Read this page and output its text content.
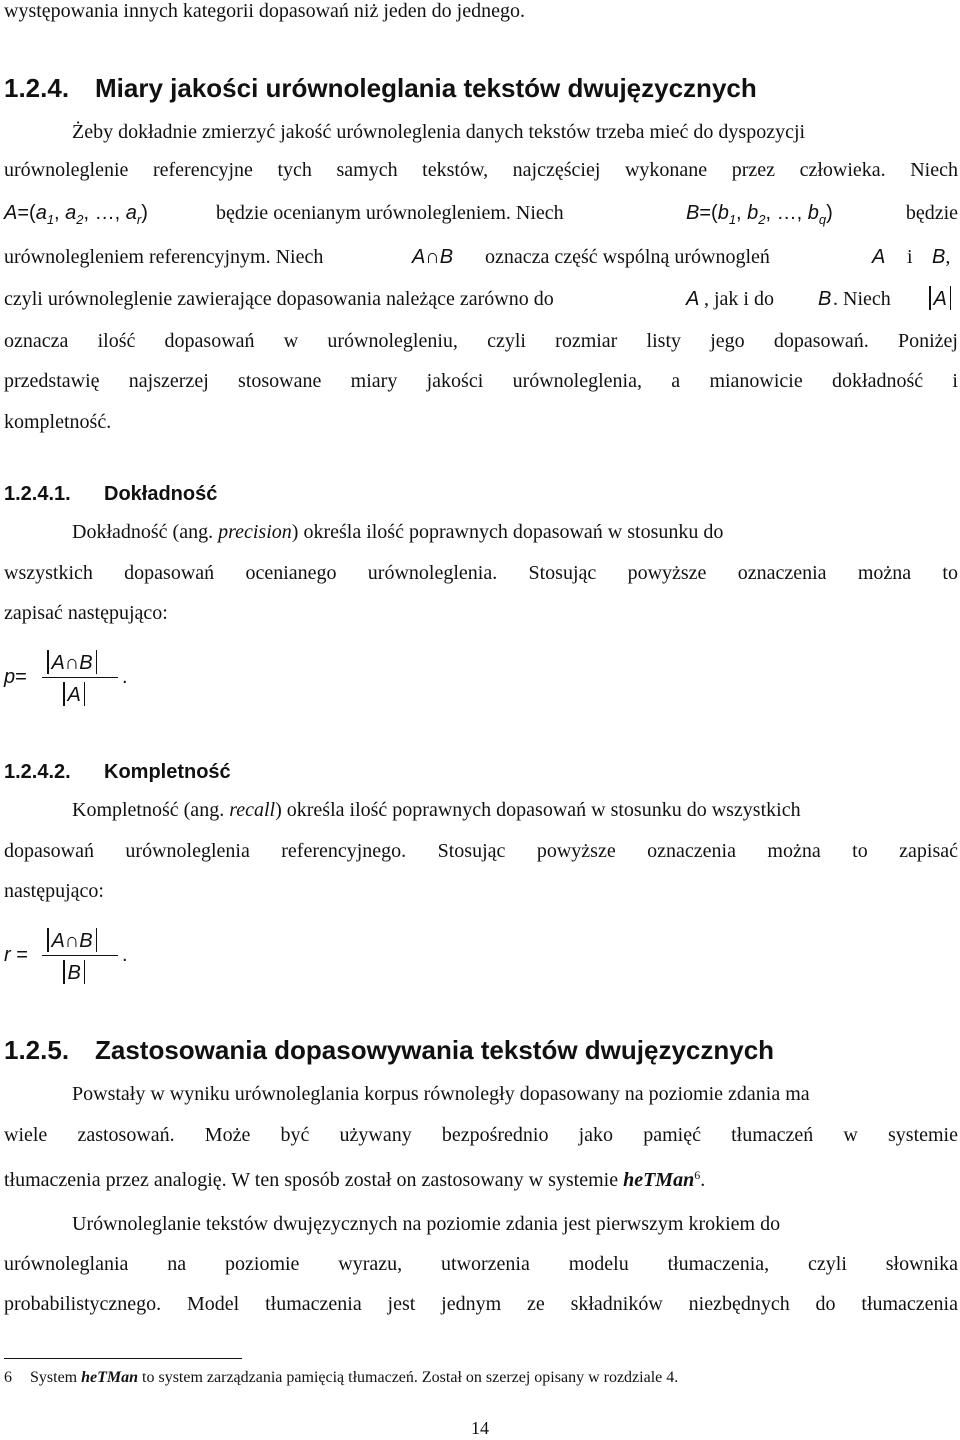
występowania innych kategorii dopasowań niż jeden do jednego.
1.2.4. Miary jakości urównoleglania tekstów dwujęzycznych
Żeby dokładnie zmierzyć jakość urównoleglenia danych tekstów trzeba mieć do dyspozycji
urównoleglenie referencyjne tych samych tekstów, najczęściej wykonane przez człowieka. Niech
$A=(a_1$, $a_2$, …, $a_r$)	będzie ocenianym urównolegleniem. Niech	$B=(b_1$, $b_2$, …, $b_q$)	będzie
urównolegleniem referencyjnym. Niech	A∩B oznacza część wspólną urównogleń	A i B,
czyli urównoleglenie zawierające dopasowania należące zarówno do	A , jak i do B . Niech	A
oznacza ilość dopasowań w urównolegleniu, czyli rozmiar listy jego dopasowań. Poniżej
przedstawię najszerzej stosowane miary jakości urównoleglenia, a mianowicie dokładność i
kompletność.
1.2.4.1. Dokładność
Dokładność (ang. precision) określa ilość poprawnych dopasowań w stosunku do
wszystkich dopasowań ocenianego urównoleglenia. Stosując powyższe oznaczenia można to
zapisać następująco:
p=
A∩B
A
.
1.2.4.2. Kompletność
Kompletność (ang. recall) określa ilość poprawnych dopasowań w stosunku do wszystkich
dopasowań urównoleglenia referencyjnego. Stosując powyższe oznaczenia można to zapisać
następująco:
r =
A∩B
B
.
1.2.5. Zastosowania dopasowywania tekstów dwujęzycznych
Powstały w wyniku urównoleglania korpus równoległy dopasowany na poziomie zdania ma
wiele zastosowań. Może być używany bezpośrednio jako pamięć tłumaczeń w systemie
tłumaczenia przez analogię. W ten sposób został on zastosowany w systemie heTMan$^6$.
Urównoleglanie tekstów dwujęzycznych na poziomie zdania jest pierwszym krokiem do
urównoleglania na poziomie wyrazu, utworzenia modelu tłumaczenia, czyli słownika
probabilistycznego. Model tłumaczenia jest jednym ze składników niezbędnych do tłumaczenia
6 System heTMan to system zarządzania pamięcią tłumaczeń. Został on szerzej opisany w rozdziale 4.
14
